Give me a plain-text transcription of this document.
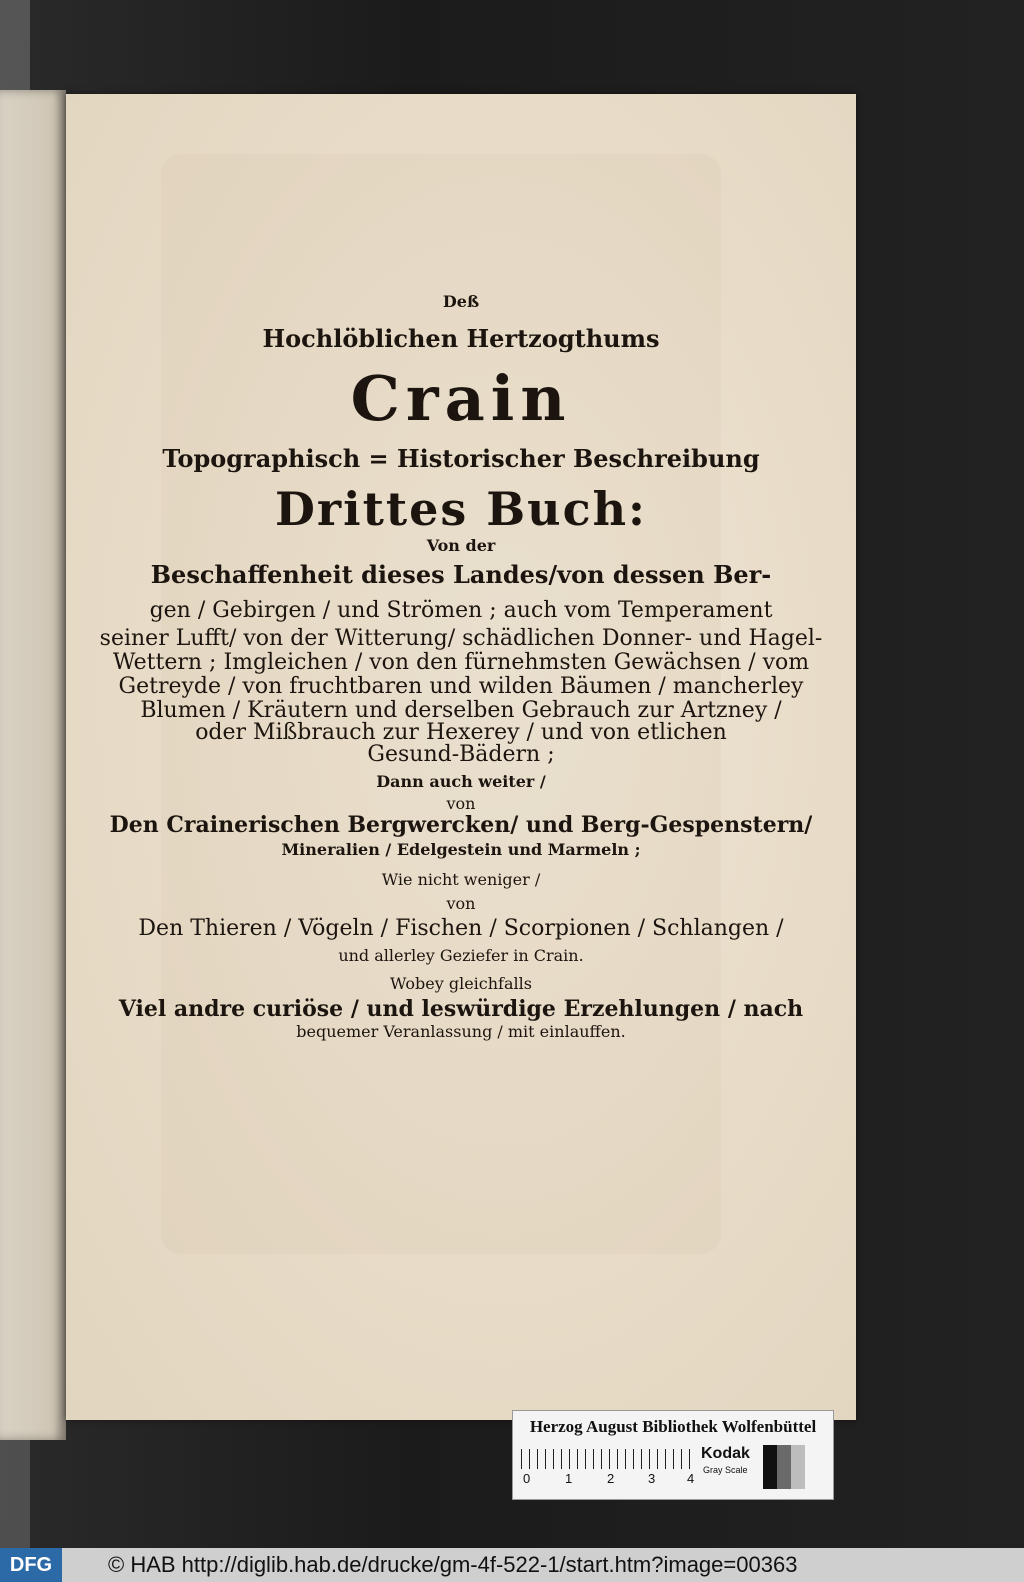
Deß
Hochlöblichen Hertzogthums
Crain
Topographisch = Historischer Beschreibung
Drittes Buch:
Von der
Beschaffenheit dieses Landes/von dessen Ber-
gen / Gebirgen / und Strömen ; auch vom Temperament
seiner Lufft/ von der Witterung/ schädlichen Donner- und Hagel-
Wettern ; Imgleichen / von den fürnehmsten Gewächsen / vom
Getreyde / von fruchtbaren und wilden Bäumen / mancherley
Blumen / Kräutern und derselben Gebrauch zur Artzney /
oder Mißbrauch zur Hexerey / und von etlichen
Gesund-Bädern ;
Dann auch weiter /
von
Den Crainerischen Bergwercken/ und Berg-Gespenstern/
Mineralien / Edelgestein und Marmeln ;
Wie nicht weniger /
von
Den Thieren / Vögeln / Fischen / Scorpionen / Schlangen /
und allerley Geziefer in Crain.
Wobey gleichfalls
Viel andre curiöse / und leswürdige Erzehlungen / nach
bequemer Veranlassung / mit einlauffen.
Herzog August Bibliothek Wolfenbüttel
0	1	2	3 4
Kodak
Gray Scale
DFG	© HAB http://diglib.hab.de/drucke/gm-4f-522-1/start.htm?image=00363
